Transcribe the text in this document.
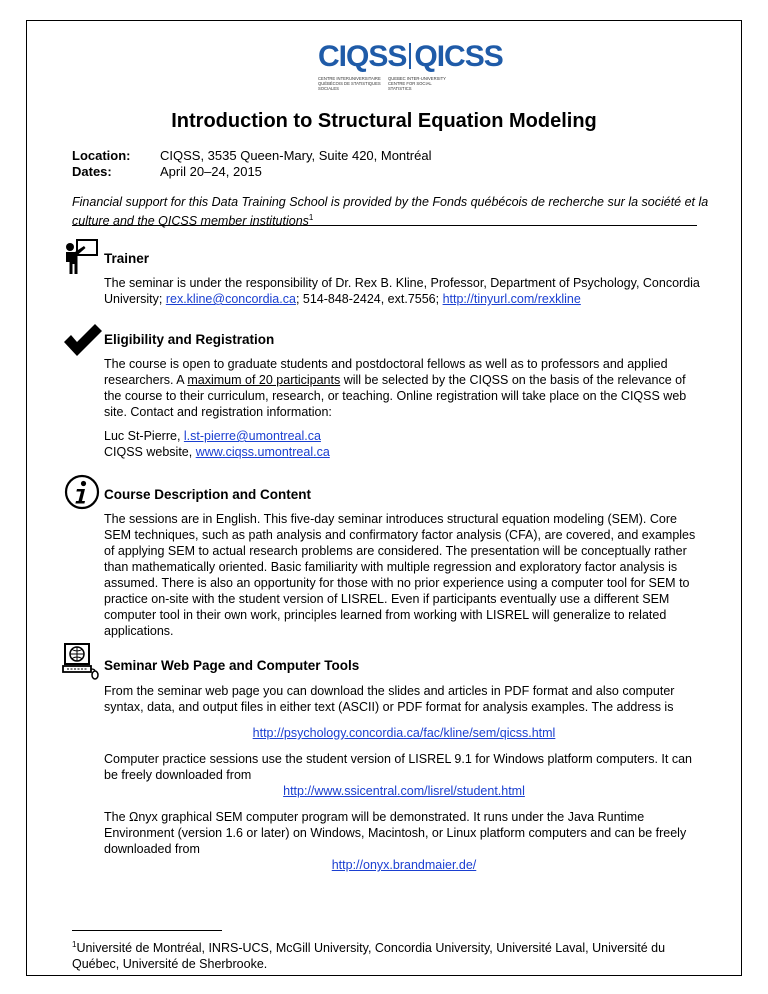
CIQSS QICSS
CENTRE INTERUNIVERSITAIRE
QUÉBÉCOIS DE STATISTIQUES
SOCIALES
QUEBEC INTER-UNIVERSITY
CENTRE FOR SOCIAL
STATISTICS
Introduction to Structural Equation Modeling
Location: CIQSS, 3535 Queen-Mary, Suite 420, Montréal
Dates:	April 20–24, 2015
Financial support for this Data Training School is provided by the Fonds québécois de recherche sur la société et la culture and the QICSS member institutions$^1$
Trainer
The seminar is under the responsibility of Dr. Rex B. Kline, Professor, Department of Psychology, Concordia University; rex.kline@concordia.ca; 514-848-2424, ext.7556; http://tinyurl.com/rexkline
Eligibility and Registration
The course is open to graduate students and postdoctoral fellows as well as to professors and applied researchers. A maximum of 20 participants will be selected by the CIQSS on the basis of the relevance of the course to their curriculum, research, or teaching. Online registration will take place on the CIQSS web site. Contact and registration information:
Luc St-Pierre, l.st-pierre@umontreal.ca
CIQSS website, www.ciqss.umontreal.ca
Course Description and Content
The sessions are in English. This five-day seminar introduces structural equation modeling (SEM). Core SEM techniques, such as path analysis and confirmatory factor analysis (CFA), are covered, and examples of applying SEM to actual research problems are considered. The presentation will be conceptually rather than mathematically oriented. Basic familiarity with multiple regression and exploratory factor analysis is assumed. There is also an opportunity for those with no prior experience using a computer tool for SEM to practice on-site with the student version of LISREL. Even if participants eventually use a different SEM computer tool in their own work, principles learned from working with LISREL will generalize to related applications.
Seminar Web Page and Computer Tools
From the seminar web page you can download the slides and articles in PDF format and also computer syntax, data, and output files in either text (ASCII) or PDF format for analysis examples. The address is
http://psychology.concordia.ca/fac/kline/sem/qicss.html
Computer practice sessions use the student version of LISREL 9.1 for Windows platform computers. It can be freely downloaded from
http://www.ssicentral.com/lisrel/student.html
The Ωnyx graphical SEM computer program will be demonstrated. It runs under the Java Runtime Environment (version 1.6 or later) on Windows, Macintosh, or Linux platform computers and can be freely downloaded from
http://onyx.brandmaier.de/
$^1$Université de Montréal, INRS-UCS, McGill University, Concordia University, Université Laval, Université du Québec, Université de Sherbrooke.
